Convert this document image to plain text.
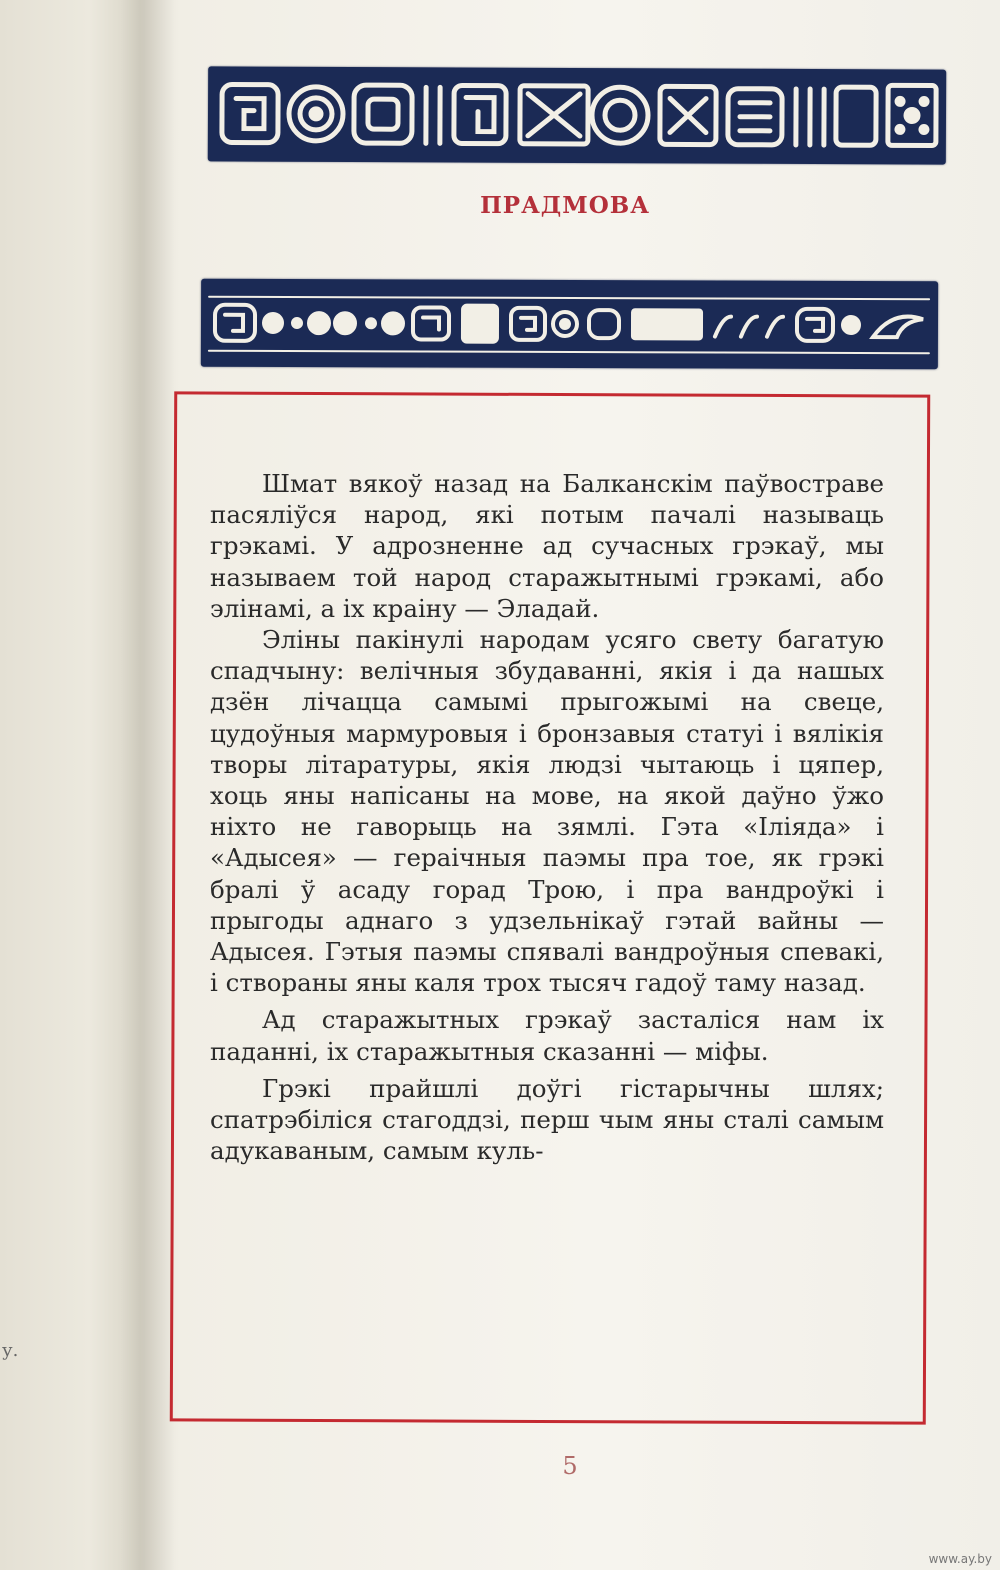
ПРАДМОВА

Шмат вякоў назад на Балканскім паўвостраве пасяліўся народ, які потым пачалі называць грэкамі. У адрозненне ад сучасных грэкаў, мы называем той народ старажытнымі грэкамі, або элінамі, а іх краіну — Эладай.

Эліны пакінулі народам усяго свету багатую спадчыну: велічныя збудаванні, якія і да нашых дзён лічацца самымі прыгожымі на свеце, цудоўныя мармуровыя і бронзавыя статуі і вялікія творы літаратуры, якія людзі чытаюць і цяпер, хоць яны напісаны на мове, на якой даўно ўжо ніхто не гаворыць на зямлі. Гэта «Іліяда» і «Адысея» — гераічныя паэмы пра тое, як грэкі бралі ў асаду горад Трою, і пра вандроўкі і прыгоды аднаго з удзельнікаў гэтай вайны — Адысея. Гэтыя паэмы спявалі вандроўныя спевакі, і створаны яны каля трох тысяч гадоў таму назад.

Ад старажытных грэкаў засталіся нам іх паданні, іх старажытныя сказанні — міфы.

Грэкі прайшлі доўгі гістарычны шлях; спатрэбіліся стагоддзі, перш чым яны сталі самым адукаваным, самым куль-

5
у.
www.ay.by
